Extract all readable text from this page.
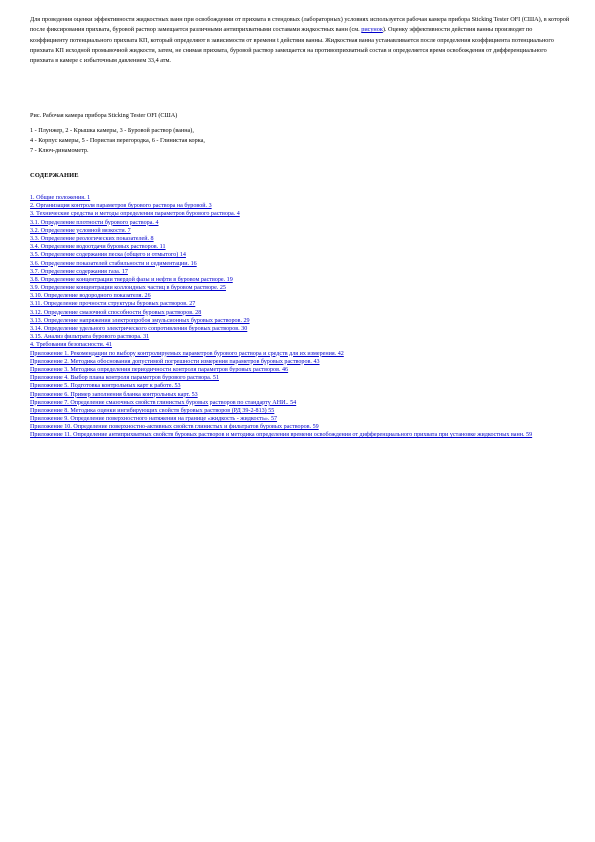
Для проведения оценки эффективности жидкостных ванн при освобождении от прихвата в стендовых (лабораторных) условиях используется рабочая камера прибора Sticking Tester OFI (США), в которой после фиксирования прихвата, буровой раствор замещается различными антиприхватными составами жидкостных ванн (см. рисунок). Оценку эффективности действия ванны производят по коэффициенту потенциального прихвата КП, который определяют в зависимости от времени t действия ванны. Жидкостная ванна устанавливается после определения коэффициента потенциального прихвата КП исходной промывочной жидкости, затем, не снимая прихвата, буровой раствор замещается на противоприхватный состав и определяется время освобождения от дифференциального прихвата в камере с избыточным давлением 33,4 атм.
Рис. Рабочая камера прибора Sticking Tester OFI (США)
1 - Плунжер, 2 - Крышка камеры, 3 - Буровой раствор (ванна),
4 - Корпус камеры, 5 - Пористая перегородка, 6 - Глинистая корка,
7 - Ключ-динамометр.
СОДЕРЖАНИЕ
1. Общие положения. 1
2. Организация контроля параметров бурового раствора на буровой. 3
3. Технические средства и методы определения параметров бурового раствора. 4
3.1. Определение плотности бурового раствора. 4
3.2. Определение условной вязкости. 7
3.3. Определение реологических показателей. 8
3.4. Определение водоотдачи буровых растворов. 11
3.5. Определение содержания песка (общего и отмытого) 14
3.6. Определение показателей стабильности и седиментации. 16
3.7. Определение содержания газа. 17
3.8. Определение концентрации твердой фазы и нефти в буровом растворе. 19
3.9. Определение концентрации коллоидных частиц в буровом растворе. 25
3.10. Определение водородного показателя. 26
3.11. Определение прочности структуры буровых растворов. 27
3.12. Определение смазочной способности буровых растворов. 28
3.13. Определение напряжения электропробоя эмульсионных буровых растворов. 29
3.14. Определение удельного электрического сопротивления буровых растворов. 30
3.15. Анализ фильтрата бурового раствора. 31
4. Требования безопасности. 41
Приложение 1. Рекомендации по выбору контролируемых параметров бурового раствора и средств для их измерения. 42
Приложение 2. Методика обоснования допустимой погрешности измерения параметров буровых растворов. 43
Приложение 3. Методика определения периодичности контроля параметров буровых растворов. 46
Приложение 4. Выбор плана контроля параметров бурового раствора. 51
Приложение 5. Подготовка контрольных карт к работе. 53
Приложение 6. Пример заполнения бланка контрольных карт. 53
Приложение 7. Определение смазочных свойств глинистых буровых растворов по стандарту АНИ.. 54
Приложение 8. Методика оценки ингибирующих свойств буровых растворов (РД 39-2-813) 55
Приложение 9. Определение поверхностного натяжения на границе «жидкость - жидкость». 57
Приложение 10. Определение поверхностно-активных свойств глинистых и фильтратов буровых растворов. 59
Приложение 11. Определение антиприхватных свойств буровых растворов и методика определения времени освобождения от дифференциального прихвата при установке жидкостных ванн. 59
